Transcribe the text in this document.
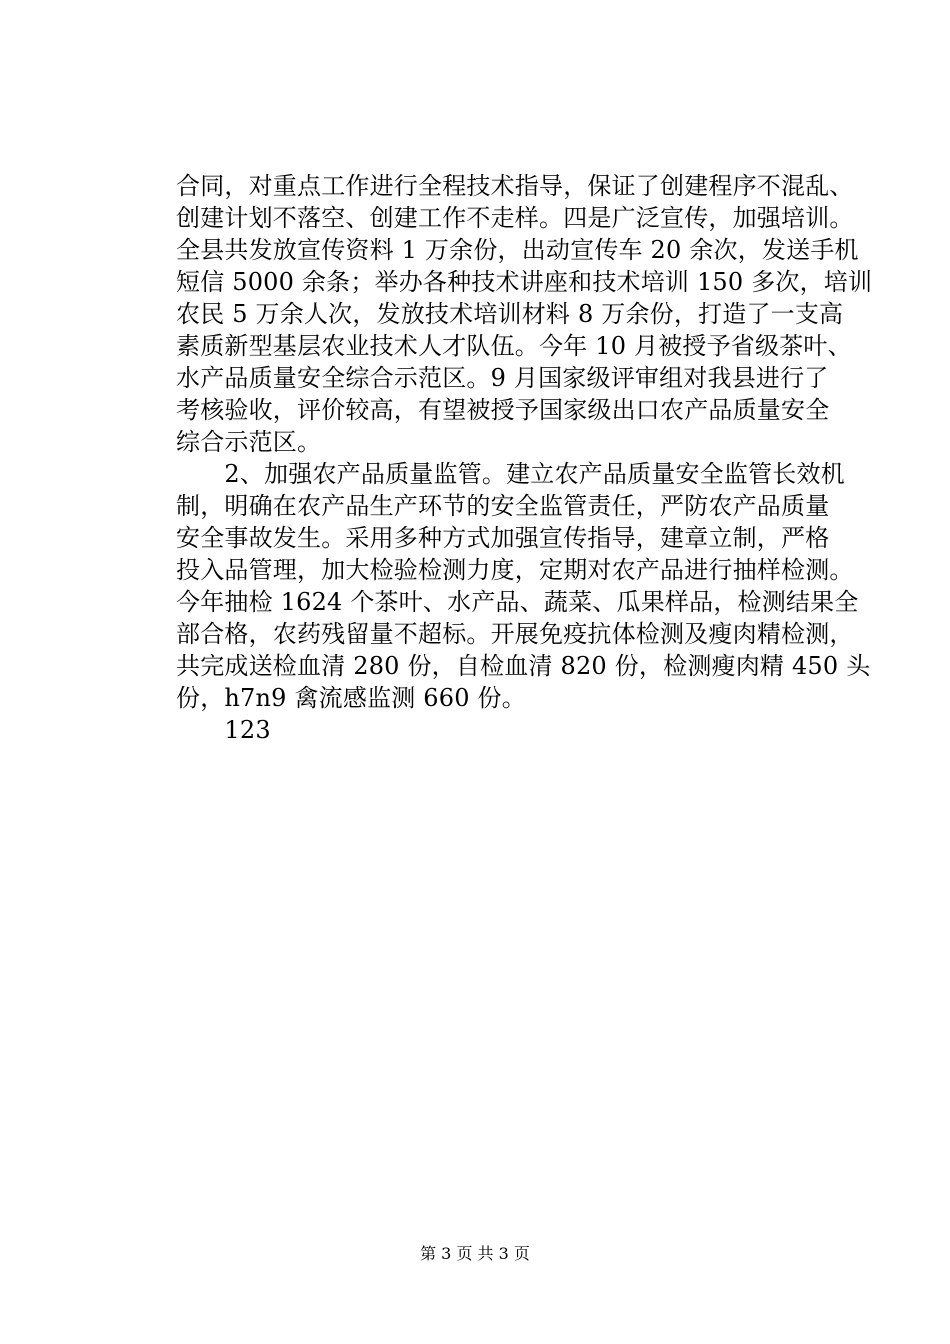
合同，对重点工作进行全程技术指导，保证了创建程序不混乱、
创建计划不落空、创建工作不走样。四是广泛宣传，加强培训。
全县共发放宣传资料 1 万余份，出动宣传车 20 余次，发送手机
短信 5000 余条；举办各种技术讲座和技术培训 150 多次，培训
农民 5 万余人次，发放技术培训材料 8 万余份，打造了一支高
素质新型基层农业技术人才队伍。今年 10 月被授予省级茶叶、
水产品质量安全综合示范区。9 月国家级评审组对我县进行了
考核验收，评价较高，有望被授予国家级出口农产品质量安全
综合示范区。
　　2、加强农产品质量监管。建立农产品质量安全监管长效机
制，明确在农产品生产环节的安全监管责任，严防农产品质量
安全事故发生。采用多种方式加强宣传指导，建章立制，严格
投入品管理，加大检验检测力度，定期对农产品进行抽样检测。
今年抽检 1624 个茶叶、水产品、蔬菜、瓜果样品，检测结果全
部合格，农药残留量不超标。开展免疫抗体检测及瘦肉精检测，
共完成送检血清 280 份，自检血清 820 份，检测瘦肉精 450 头
份，h7n9 禽流感监测 660 份。
　　123
第 3 页 共 3 页
